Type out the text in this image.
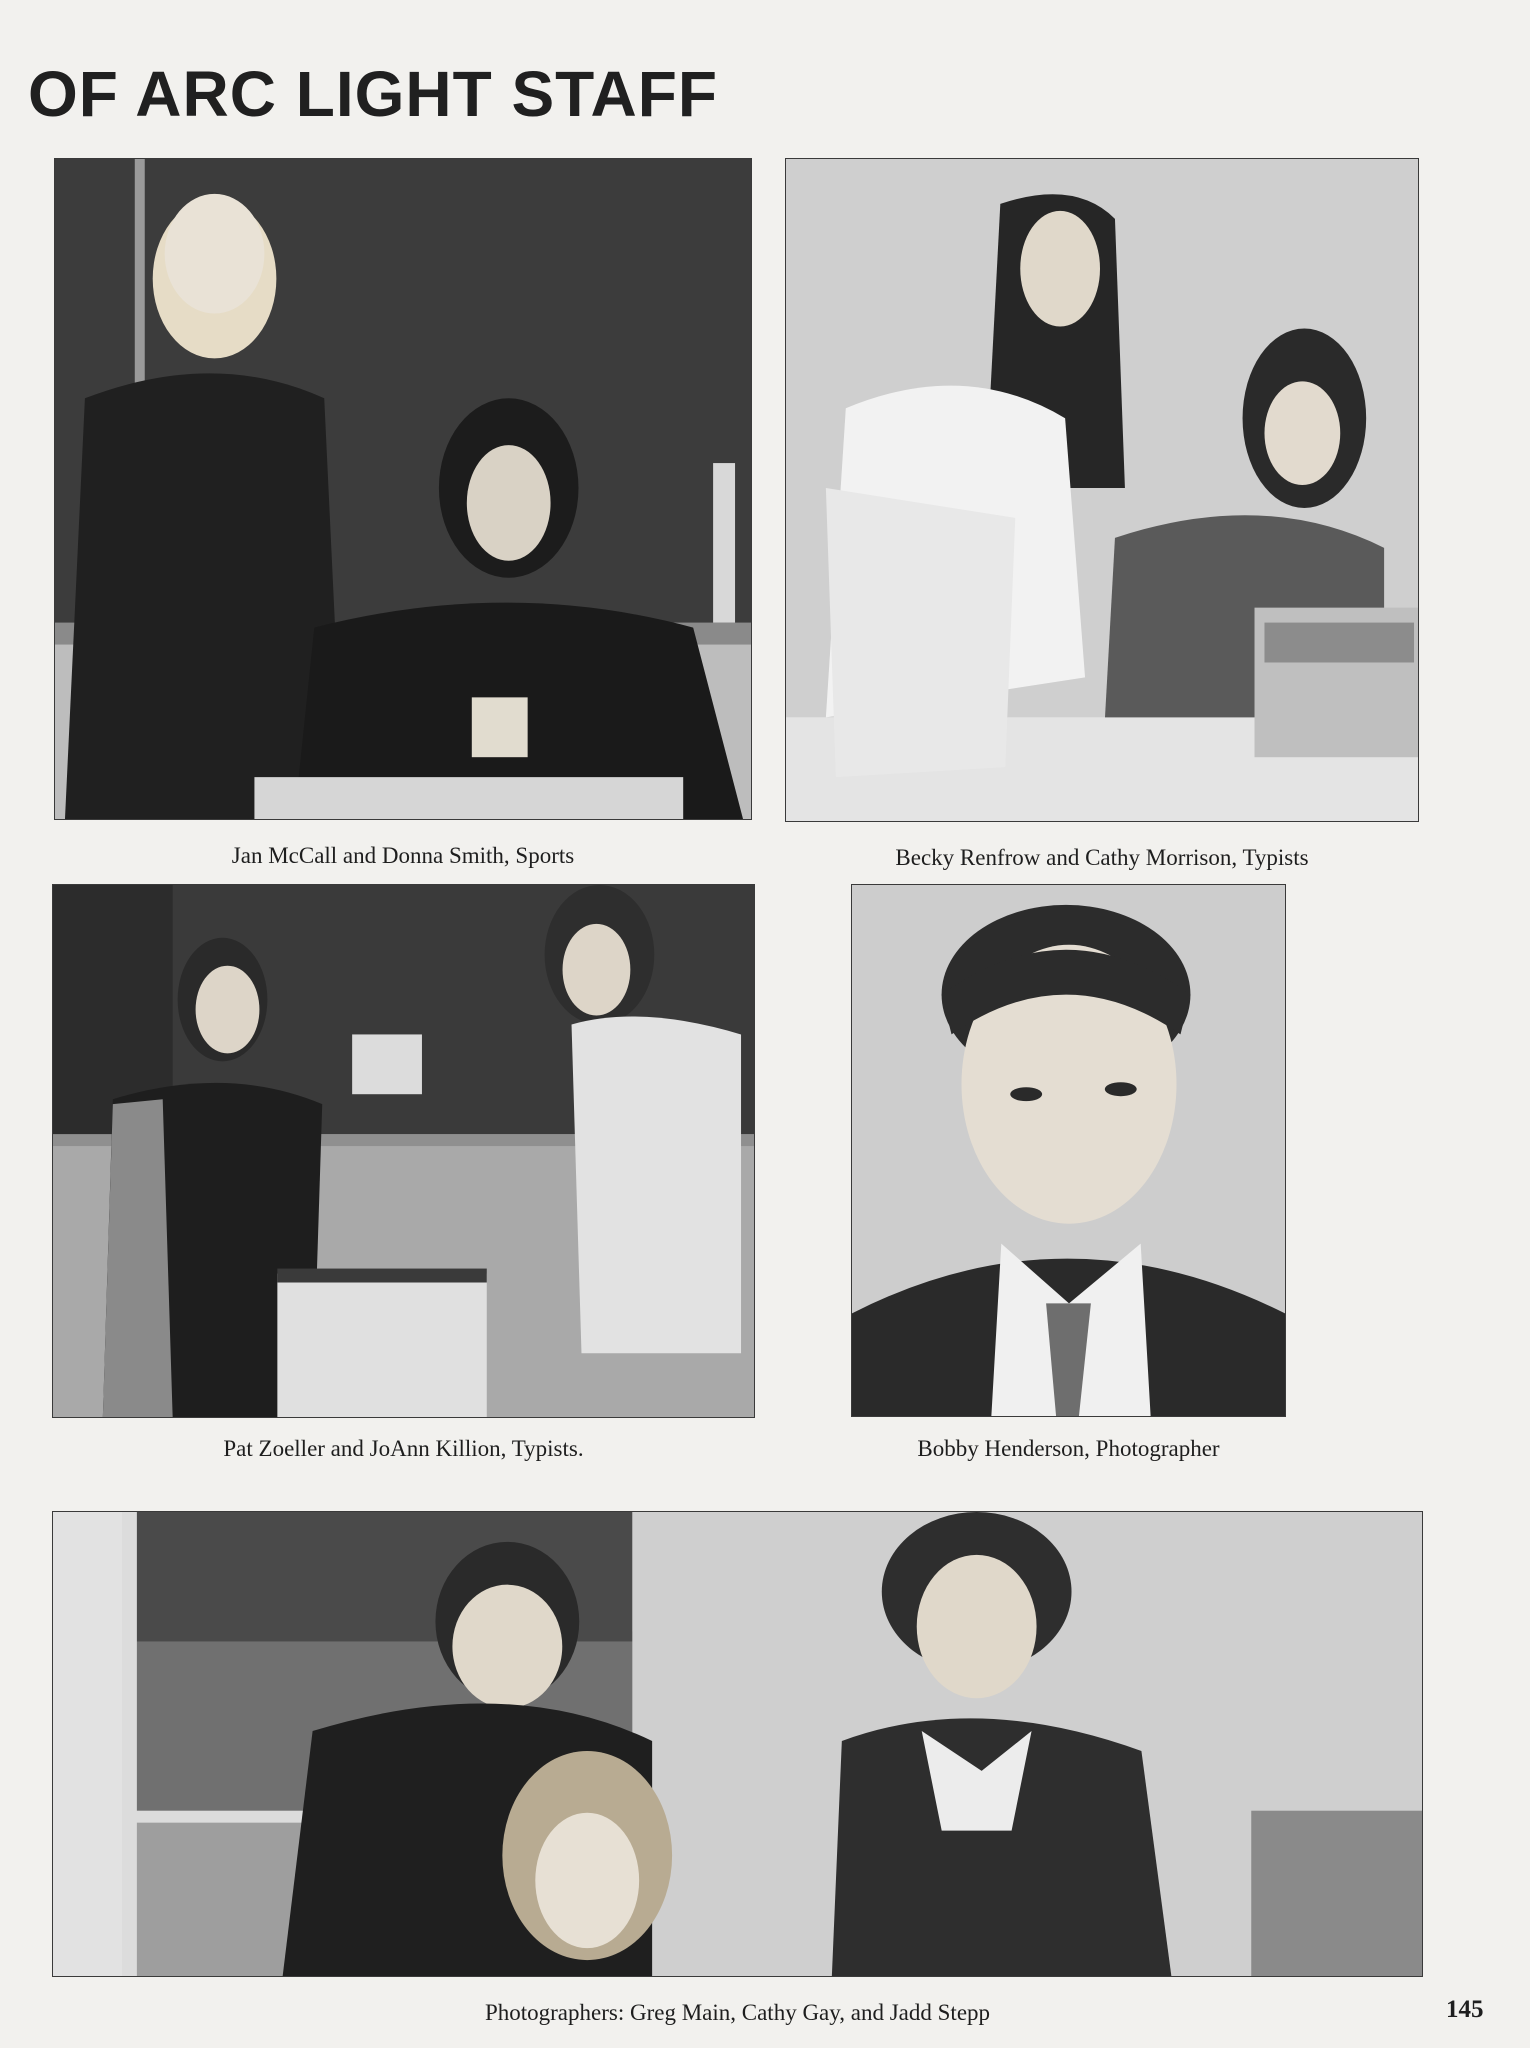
OF ARC LIGHT STAFF
Jan McCall and Donna Smith, Sports	Becky Renfrow and Cathy Morrison, Typists
Pat Zoeller and JoAnn Killion, Typists.	Bobby Henderson, Photographer
Photographers: Greg Main, Cathy Gay, and Jadd Stepp	145
